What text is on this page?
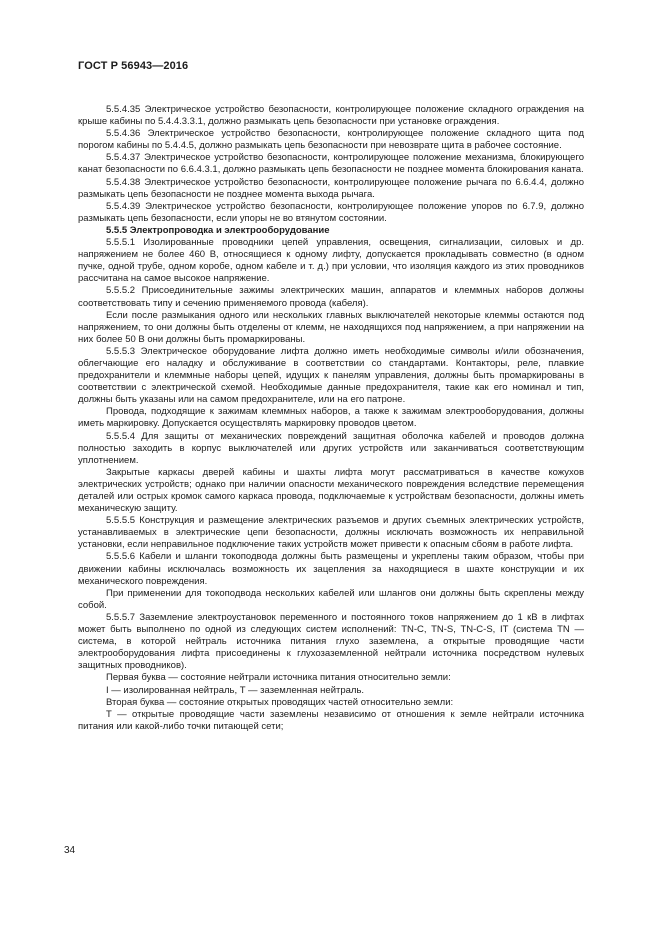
ГОСТ Р 56943—2016

5.5.4.35 Электрическое устройство безопасности, контролирующее положение складного ограждения на крыше кабины по 5.4.4.3.3.1, должно размыкать цепь безопасности при установке ограждения.

5.5.4.36 Электрическое устройство безопасности, контролирующее положение складного щита под порогом кабины по 5.4.4.5, должно размыкать цепь безопасности при невозврате щита в рабочее состояние.

5.5.4.37 Электрическое устройство безопасности, контролирующее положение механизма, блокирующего канат безопасности по 6.6.4.3.1, должно размыкать цепь безопасности не позднее момента блокирования каната.

5.5.4.38 Электрическое устройство безопасности, контролирующее положение рычага по 6.6.4.4, должно размыкать цепь безопасности не позднее момента выхода рычага.

5.5.4.39 Электрическое устройство безопасности, контролирующее положение упоров по 6.7.9, должно размыкать цепь безопасности, если упоры не во втянутом состоянии.

5.5.5 Электропроводка и электрооборудование

5.5.5.1 Изолированные проводники цепей управления, освещения, сигнализации, силовых и др. напряжением не более 460 В, относящиеся к одному лифту, допускается прокладывать совместно (в одном пучке, одной трубе, одном коробе, одном кабеле и т. д.) при условии, что изоляция каждого из этих проводников рассчитана на самое высокое напряжение.

5.5.5.2 Присоединительные зажимы электрических машин, аппаратов и клеммных наборов должны соответствовать типу и сечению применяемого провода (кабеля).

Если после размыкания одного или нескольких главных выключателей некоторые клеммы остаются под напряжением, то они должны быть отделены от клемм, не находящихся под напряжением, а при напряжении на них более 50 В они должны быть промаркированы.

5.5.5.3 Электрическое оборудование лифта должно иметь необходимые символы и/или обозначения, облегчающие его наладку и обслуживание в соответствии со стандартами. Контакторы, реле, плавкие предохранители и клеммные наборы цепей, идущих к панелям управления, должны быть промаркированы в соответствии с электрической схемой. Необходимые данные предохранителя, такие как его номинал и тип, должны быть указаны или на самом предохранителе, или на его патроне.

Провода, подходящие к зажимам клеммных наборов, а также к зажимам электрооборудования, должны иметь маркировку. Допускается осуществлять маркировку проводов цветом.

5.5.5.4 Для защиты от механических повреждений защитная оболочка кабелей и проводов должна полностью заходить в корпус выключателей или других устройств или заканчиваться соответствующим уплотнением.

Закрытые каркасы дверей кабины и шахты лифта могут рассматриваться в качестве кожухов электрических устройств; однако при наличии опасности механического повреждения вследствие перемещения деталей или острых кромок самого каркаса провода, подключаемые к устройствам безопасности, должны иметь механическую защиту.

5.5.5.5 Конструкция и размещение электрических разъемов и других съемных электрических устройств, устанавливаемых в электрические цепи безопасности, должны исключать возможность их неправильной установки, если неправильное подключение таких устройств может привести к опасным сбоям в работе лифта.

5.5.5.6 Кабели и шланги токоподвода должны быть размещены и укреплены таким образом, чтобы при движении кабины исключалась возможность их зацепления за находящиеся в шахте конструкции и их механического повреждения.

При применении для токоподвода нескольких кабелей или шлангов они должны быть скреплены между собой.

5.5.5.7 Заземление электроустановок переменного и постоянного токов напряжением до 1 кВ в лифтах может быть выполнено по одной из следующих систем исполнений: TN-C, TN-S, TN-C-S, IT (система TN — система, в которой нейтраль источника питания глухо заземлена, а открытые проводящие части электрооборудования лифта присоединены к глухозаземленной нейтрали источника посредством нулевых защитных проводников).

Первая буква — состояние нейтрали источника питания относительно земли:

I — изолированная нейтраль, T — заземленная нейтраль.

Вторая буква — состояние открытых проводящих частей относительно земли:

T — открытые проводящие части заземлены независимо от отношения к земле нейтрали источника питания или какой-либо точки питающей сети;

34
